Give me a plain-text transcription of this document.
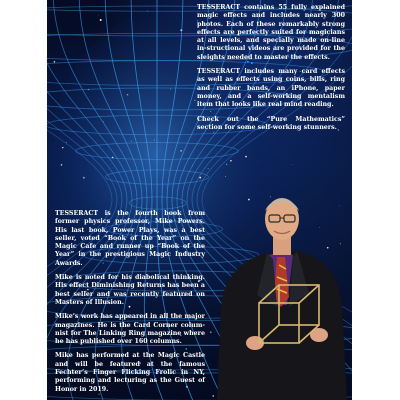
TESSERACT contains 55 fully explained magic effects and includes nearly 300 photos. Each of these remarkably strong effects are perfectly suited for magicians at all levels, and specially made on-line in-structional videos are provided for the sleights needed to master the effects.

TESSERACT includes many card effects as well as effects using coins, bills, ring and rubber bands, an iPhone, paper money, and a self-working mentalism item that looks like real mind reading.

Check out the “Pure Mathematics” section for some self-working stunners.

TESSERACT is the fourth book from former physics professor, Mike Powers. His last book, Power Plays, was a best seller, voted “Book of the Year” on the Magic Cafe and runner up “Book of the Year” in the prestigious Magic Industry Awards.

Mike is noted for his diabolical thinking. His effect Diminishing Returns has been a best seller and was recently featured on Masters of Illusion.

Mike’s work has appeared in all the major magazines. He is the Card Corner colum-nist for The Linking Ring magazine where he has published over 160 columns.

Mike has performed at the Magic Castle and will be featured at the famous Fechter’s Finger Flicking Frolic in NY, performing and lecturing as the Guest of Honor in 2019.
